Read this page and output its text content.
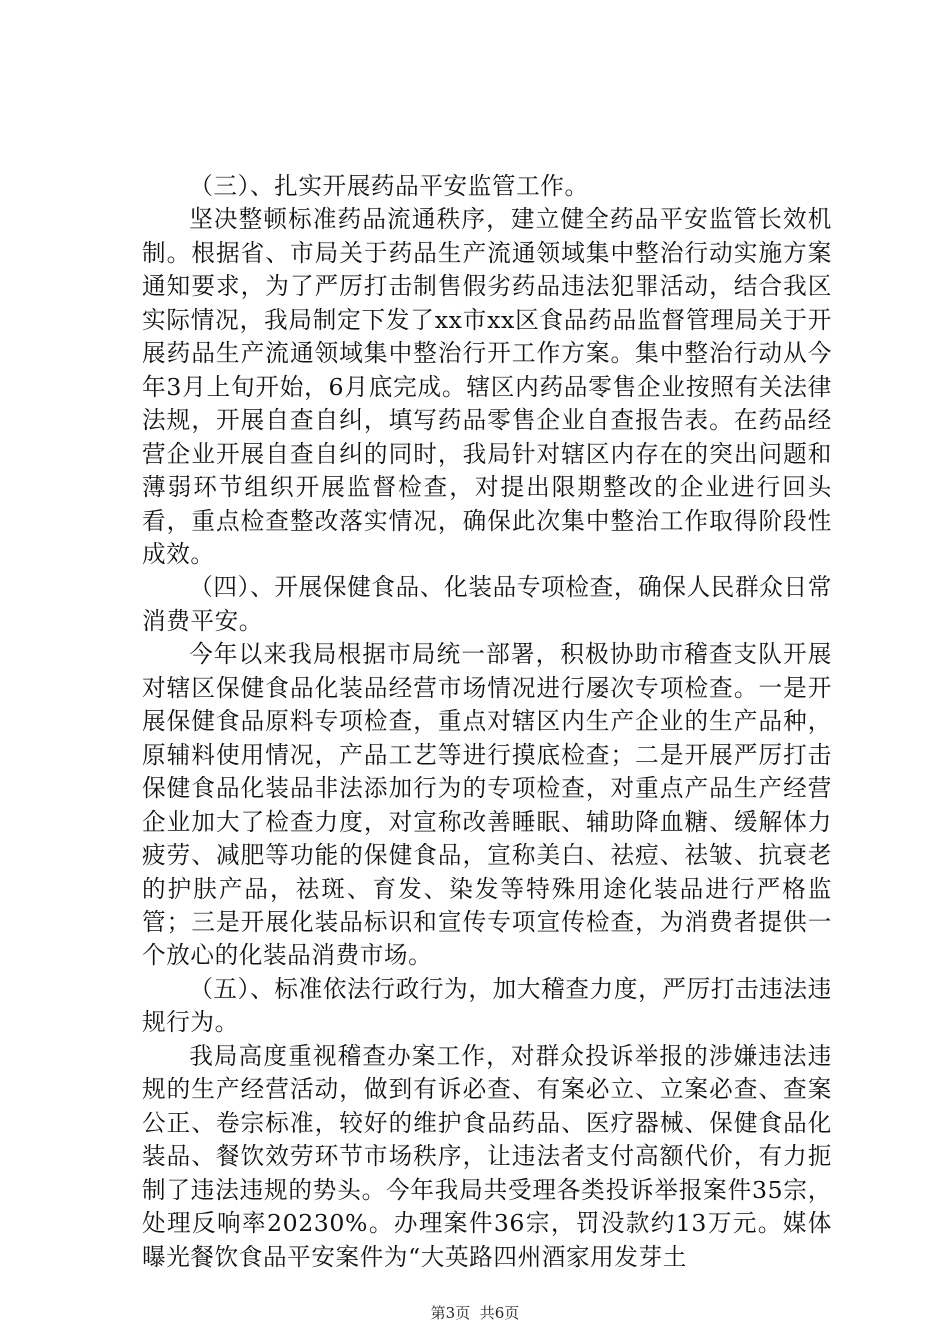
（三）、扎实开展药品平安监管工作。

坚决整顿标准药品流通秩序，建立健全药品平安监管长效机制。根据省、市局关于药品生产流通领域集中整治行动实施方案通知要求，为了严厉打击制售假劣药品违法犯罪活动，结合我区实际情况，我局制定下发了xx市xx区食品药品监督管理局关于开展药品生产流通领域集中整治行开工作方案。集中整治行动从今年3月上旬开始，6月底完成。辖区内药品零售企业按照有关法律法规，开展自查自纠，填写药品零售企业自查报告表。在药品经营企业开展自查自纠的同时，我局针对辖区内存在的突出问题和薄弱环节组织开展监督检查，对提出限期整改的企业进行回头看，重点检查整改落实情况，确保此次集中整治工作取得阶段性成效。

（四）、开展保健食品、化装品专项检查，确保人民群众日常消费平安。

今年以来我局根据市局统一部署，积极协助市稽查支队开展对辖区保健食品化装品经营市场情况进行屡次专项检查。一是开展保健食品原料专项检查，重点对辖区内生产企业的生产品种，原辅料使用情况，产品工艺等进行摸底检查；二是开展严厉打击保健食品化装品非法添加行为的专项检查，对重点产品生产经营企业加大了检查力度，对宣称改善睡眠、辅助降血糖、缓解体力疲劳、减肥等功能的保健食品，宣称美白、祛痘、祛皱、抗衰老的护肤产品，祛斑、育发、染发等特殊用途化装品进行严格监管；三是开展化装品标识和宣传专项宣传检查，为消费者提供一个放心的化装品消费市场。

（五）、标准依法行政行为，加大稽查力度，严厉打击违法违规行为。

我局高度重视稽查办案工作，对群众投诉举报的涉嫌违法违规的生产经营活动，做到有诉必查、有案必立、立案必查、查案公正、卷宗标准，较好的维护食品药品、医疗器械、保健食品化装品、餐饮效劳环节市场秩序，让违法者支付高额代价，有力扼制了违法违规的势头。今年我局共受理各类投诉举报案件35宗，处理反响率20230%。办理案件36宗，罚没款约13万元。媒体曝光餐饮食品平安案件为“大英路四州酒家用发芽土

第3页 共6页
